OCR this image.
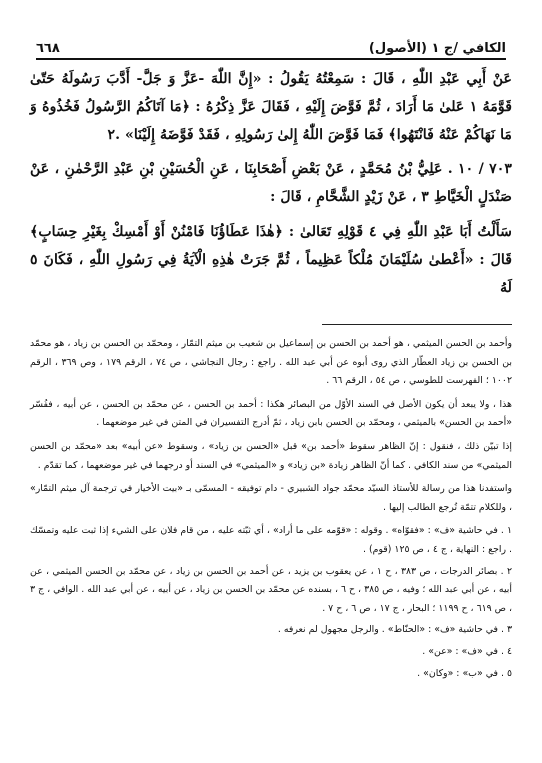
٦٦٨	الكافي /ج ١ (الأصول)

عَنْ أَبِي عَبْدِ اللّٰهِ ، قَالَ : سَمِعْتُهُ يَقُولُ : «إِنَّ اللّٰهَ -عَزَّ وَ جَلَّ- أَدَّبَ رَسُولَهُ حَتّىٰ قَوَّمَهُ ١ عَلىٰ مَا أَرَادَ ، ثُمَّ فَوَّضَ إِلَيْهِ ، فَقَالَ عَزَّ ذِكْرُهُ : ﴿مَا آتَاكُمُ الرَّسُولُ فَخُذُوهُ وَ مَا نَهَاكُمْ عَنْهُ فَانْتَهُوا﴾ فَمَا فَوَّضَ اللّٰهُ إِلىٰ رَسُولِهِ ، فَقَدْ فَوَّضَهُ إِلَيْنَا» .٢

٧٠٣ / ١٠ . عَلِيُّ بْنُ مُحَمَّدٍ ، عَنْ بَعْضِ أَصْحَابِنَا ، عَنِ الْحُسَيْنِ بْنِ عَبْدِ الرَّحْمٰنِ ، عَنْ صَنْدَلٍ الْخَيَّاطِ ٣ ، عَنْ زَيْدٍ الشَّحَّامِ ، قَالَ :

سَأَلْتُ أَبَا عَبْدِ اللّٰهِ فِي ٤ قَوْلِهِ تَعَالىٰ : ﴿هٰذَا عَطَاؤُنَا فَامْنُنْ أَوْ أَمْسِكْ بِغَيْرِ حِسَابٍ﴾ قَالَ : «أَعْطىٰ سُلَيْمَانَ مُلْكاً عَظِيماً ، ثُمَّ جَرَتْ هٰذِهِ الْآيَةُ فِي رَسُولِ اللّٰهِ ، فَكَانَ ٥ لَهُ

وأحمد بن الحسن الميثمي ، هو أحمد بن الحسن بن إسماعيل بن شعيب بن ميثم التمّار ، ومحمّد بن الحسن بن زياد ، هو محمّد بن الحسن بن زياد العطّار الذي روى أبوه عن أبي عبد الله . راجع : رجال النجاشي ، ص ٧٤ ، الرقم ١٧٩ ، وص ٣٦٩ ، الرقم ١٠٠٢ ؛ الفهرست للطوسي ، ص ٥٤ ، الرقم ٦٦ .

هذا ، ولا يبعد أن يكون الأصل في السند الأوّل من البصائر هكذا : أحمد بن الحسن ، عن محمّد بن الحسن ، عن أبيه ، ففُسّر «أحمد بن الحسن» بالميثمي ، ومحمّد بن الحسن بابن زياد ، ثمّ أدرج التفسيران في المتن في غير موضعهما .

إذا تبيّن ذلك ، فنقول : إنّ الظاهر سقوط «أحمد بن» قبل «الحسن بن زياد» ، وسقوط «عن أبيه» بعد «محمّد بن الحسن الميثمي» من سند الكافي . كما أنّ الظاهر زيادة «بن زياد» و «الميثمي» في السند أو درجهما في غير موضعهما ، كما تقدّم .

واستفدنا هذا من رسالة للأستاذ السيّد محمّد جواد الشبيري - دام توفيقه - المسمّى بـ «بيت الأخيار في ترجمة آل ميثم التمّار» ، وللكلام تتمّة تُرجع الطالب إليها .

١ . في حاشية «ف» : «فقوّاه» . وقوله : «قوّمه على ما أراد» ، أي ثبّته عليه ، من قام فلان على الشيء إذا ثبت عليه وتمسّك . راجع : النهاية ، ج ٤ ، ص ١٢٥ (قوم) .

٢ . بصائر الدرجات ، ص ٣٨٣ ، ح ١ ، عن يعقوب بن يزيد ، عن أحمد بن الحسن بن زياد ، عن محمّد بن الحسن الميثمي ، عن أبيه ، عن أبي عبد الله ؛ وفيه ، ص ٣٨٥ ، ح ٦ ، بسنده عن محمّد بن الحسن بن زياد ، عن أبيه ، عن أبي عبد الله . الوافي ، ج ٣ ، ص ٦١٩ ، ح ١١٩٩ ؛ البحار ، ج ١٧ ، ص ٦ ، ح ٧ .

٣ . في حاشية «ف» : «الحنّاط» . والرجل مجهول لم نعرفه .

٤ . في «ف» : «عن» .

٥ . في «ب» : «وكان» .
